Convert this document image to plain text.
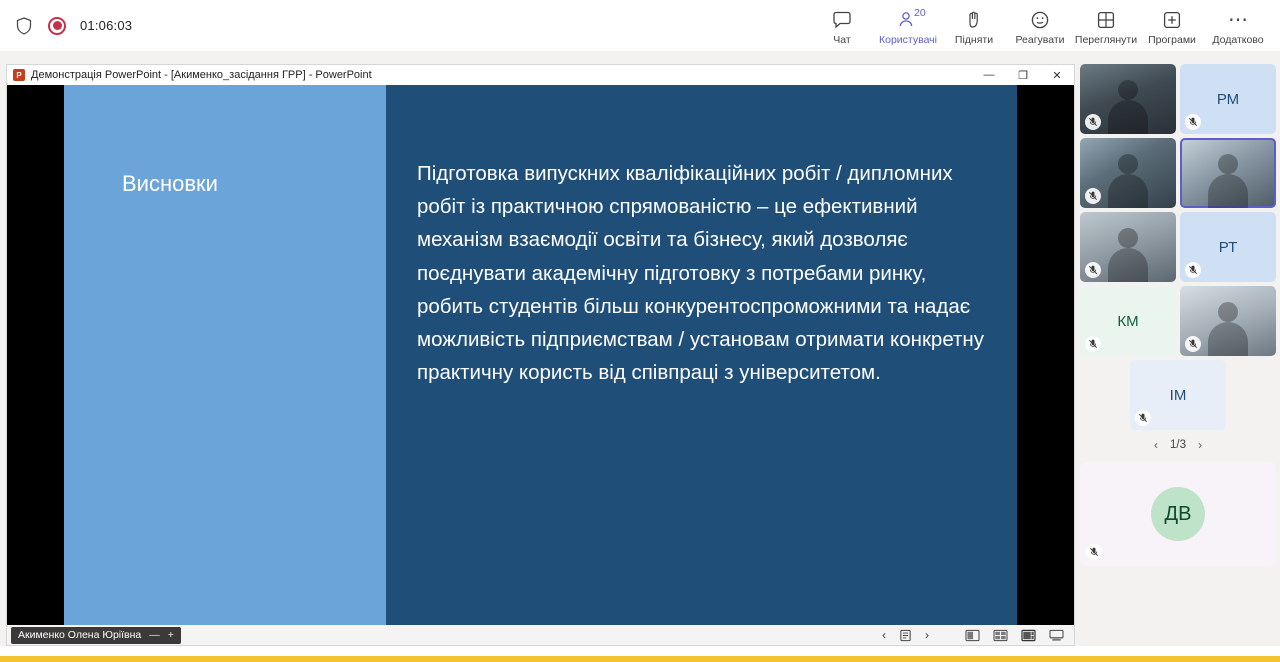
01:06:03
Чат
20
Користувачі Підняти Реагувати Переглянути Програми
⋯
Додатково
P Демонстрація PowerPoint - [Акименко_засідання ГРР] - PowerPoint	—	❐	✕
Висновки	Підготовка випускних кваліфікаційних робіт / дипломних робіт із практичною спрямованістю – це ефективний механізм взаємодії освіти та бізнесу, який дозволяє поєднувати академічну підготовку з потребами ринку, робить студентів більш конкурентоспроможними та надає можливість підприємствам / установам отримати конкретну практичну користь від співпраці з університетом.
Акименко Олена Юріївна — +	‹	›
РМ
РТ
КМ
ІМ
‹ 1/3 ›
ДВ
